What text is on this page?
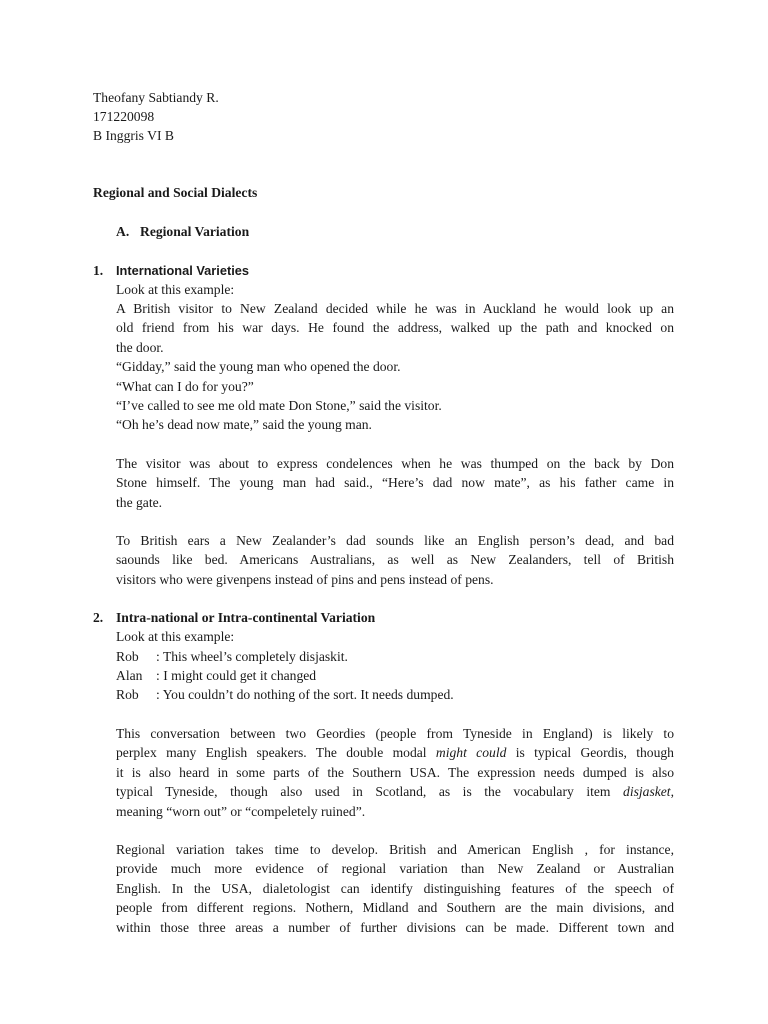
Theofany Sabtiandy R.
171220098
B Inggris VI B
Regional and Social Dialects
A. Regional Variation
1. International Varieties
Look at this example:

A British visitor to New Zealand decided while he was in Auckland he would look up an

old friend from his war days. He found the address, walked up the path and knocked on

the door.

“Gidday,” said the young man who opened the door.
“What can I do for you?”
“I’ve called to see me old mate Don Stone,” said the visitor.
“Oh he’s dead now mate,” said the young man.

The visitor was about to express condelences when he was thumped on the back by Don

Stone himself. The young man had said., “Here’s dad now mate”, as his father came in

the gate.

To British ears a New Zealander’s dad sounds like an English person’s dead, and bad

saounds like bed. Americans Australians, as well as New Zealanders, tell of British

visitors who were givenpens instead of pins and pens instead of pens.

2. Intra-national or Intra-continental Variation
Look at this example:
Rob : This wheel’s completely disjaskit.
Alan : I might could get it changed
Rob : You couldn’t do nothing of the sort. It needs dumped.

This conversation between two Geordies (people from Tyneside in England) is likely to

perplex many English speakers. The double modal might could is typical Geordis, though

it is also heard in some parts of the Southern USA. The expression needs dumped is also

typical Tyneside, though also used in Scotland, as is the vocabulary item disjasket,

meaning “worn out” or “compeletely ruined”.

Regional variation takes time to develop. British and American English , for instance,

provide much more evidence of regional variation than New Zealand or Australian

English. In the USA, dialetologist can identify distinguishing features of the speech of

people from different regions. Nothern, Midland and Southern are the main divisions, and

within those three areas a number of further divisions can be made. Different town and
